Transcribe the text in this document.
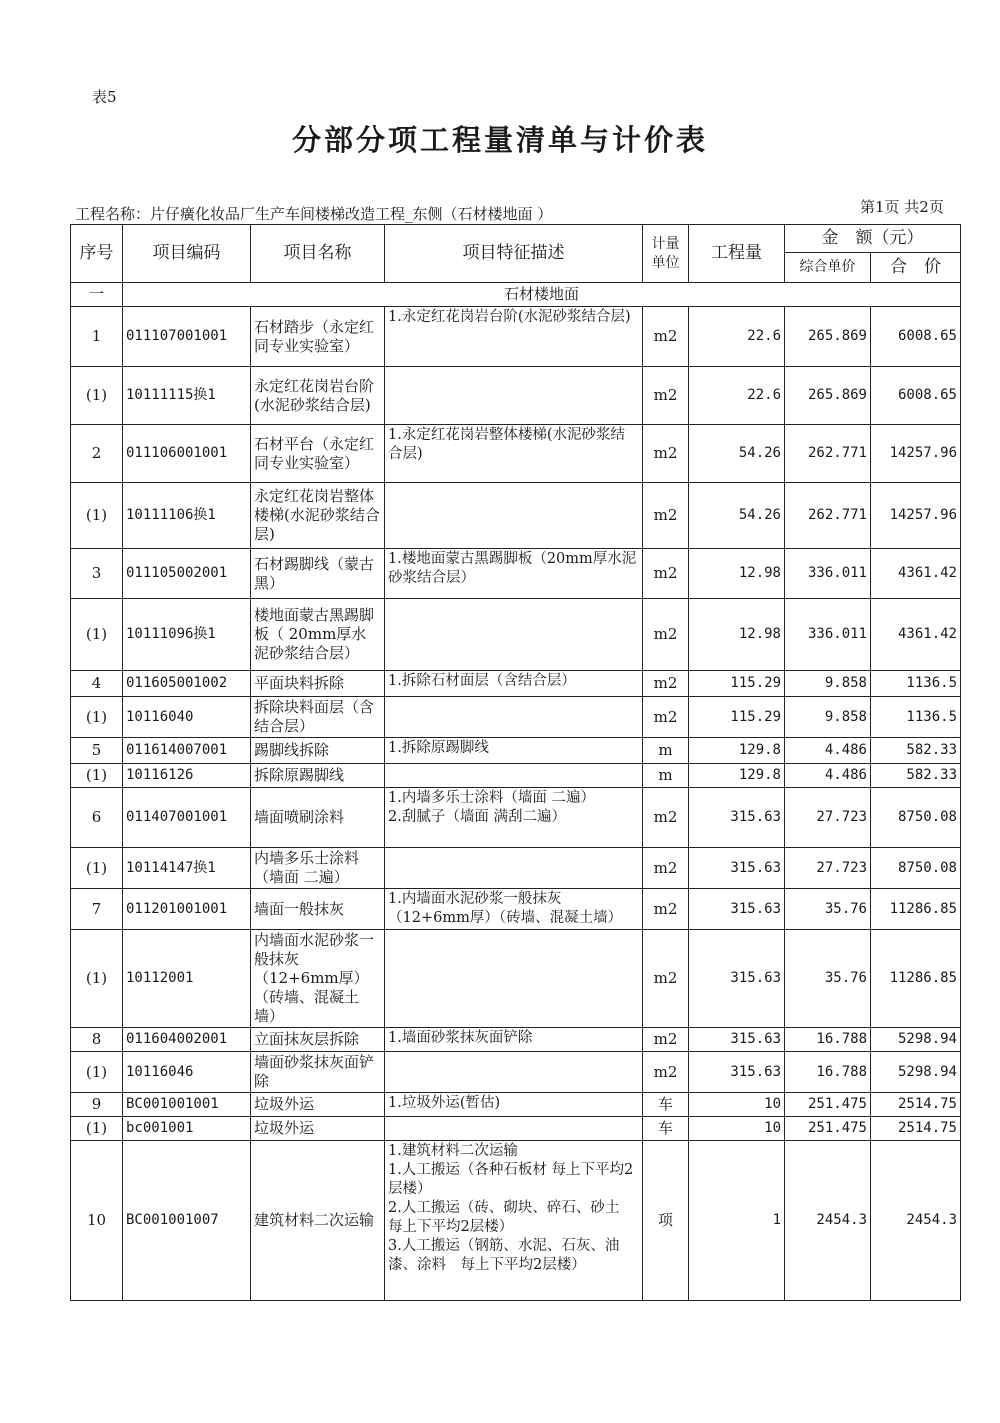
表5
分部分项工程量清单与计价表
工程名称：片仔癀化妆品厂生产车间楼梯改造工程_东侧（石材楼地面 ）	第1页 共2页
序号	项目编码	项目名称	项目特征描述	计量单位	工程量	金　额（元）	
						综合单价	合　价
一	石材楼地面						
1	011107001001	石材踏步（永定红同专业实验室）	1.永定红花岗岩台阶(水泥砂浆结合层)	m2	22.6	265.869	6008.65
(1)	10111115换1	永定红花岗岩台阶(水泥砂浆结合层)		m2	22.6	265.869	6008.65
2	011106001001	石材平台（永定红同专业实验室）	1.永定红花岗岩整体楼梯(水泥砂浆结合层)	m2	54.26	262.771	14257.96
(1)	10111106换1	永定红花岗岩整体楼梯(水泥砂浆结合层)		m2	54.26	262.771	14257.96
3	011105002001	石材踢脚线（蒙古黑）	1.楼地面蒙古黑踢脚板（20mm厚水泥砂浆结合层）	m2	12.98	336.011	4361.42
(1)	10111096换1	楼地面蒙古黑踢脚板（ 20mm厚水泥砂浆结合层）		m2	12.98	336.011	4361.42
4	011605001002	平面块料拆除	1.拆除石材面层（含结合层）	m2	115.29	9.858	1136.5
(1)	10116040	拆除块料面层（含结合层）		m2	115.29	9.858	1136.5
5	011614007001	踢脚线拆除	1.拆除原踢脚线	m	129.8	4.486	582.33
(1)	10116126	拆除原踢脚线		m	129.8	4.486	582.33
6	011407001001	墙面喷刷涂料	1.内墙多乐士涂料（墙面 二遍）
2.刮腻子（墙面 满刮二遍）	m2	315.63	27.723	8750.08
(1)	10114147换1	内墙多乐士涂料（墙面 二遍）		m2	315.63	27.723	8750.08
7	011201001001	墙面一般抹灰	1.内墙面水泥砂浆一般抹灰（12+6mm厚）（砖墙、混凝土墙）	m2	315.63	35.76	11286.85
(1)	10112001	内墙面水泥砂浆一般抹灰（12+6mm厚）（砖墙、混凝土墙）		m2	315.63	35.76	11286.85
8	011604002001	立面抹灰层拆除	1.墙面砂浆抹灰面铲除	m2	315.63	16.788	5298.94
(1)	10116046	墙面砂浆抹灰面铲除		m2	315.63	16.788	5298.94
9	BC001001001	垃圾外运	1.垃圾外运(暂估)	车	10	251.475	2514.75
(1)	bc001001	垃圾外运		车	10	251.475	2514.75
10	BC001001007	建筑材料二次运输	1.建筑材料二次运输
1.人工搬运（各种石板材 每上下平均2层楼）
2.人工搬运（砖、砌块、碎石、砂土　每上下平均2层楼）
3.人工搬运（钢筋、水泥、石灰、油漆、涂料　每上下平均2层楼）	项	1	2454.3	2454.3
